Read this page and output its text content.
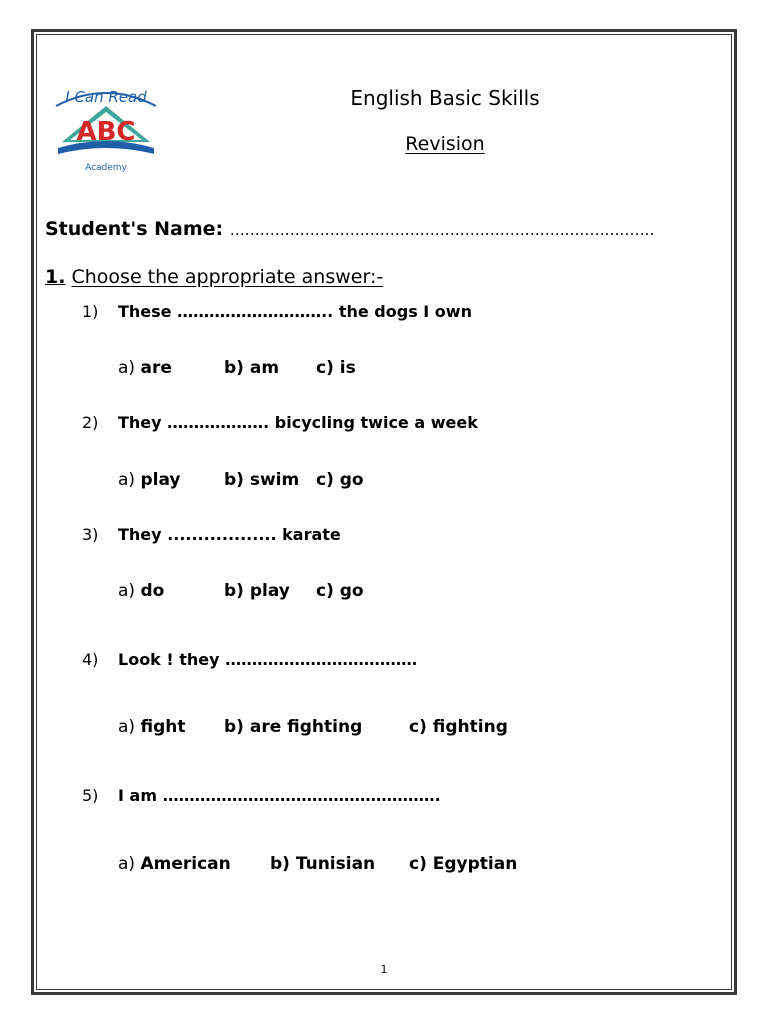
I Can Read
ABC
Academy
English Basic Skills
Revision
Student's Name: ………………………………………………………….………………
1. Choose the appropriate answer:-
1) These ……………………….. the dogs I own
a) are	b) am c) is
2) They ………………. bicycling twice a week
a) play	b) swim c) go
3) They .................. karate
a) do	b) play c) go
4) Look ! they ………………………………
a) fight b) are fighting	c) fighting
5) I am …………………………………………….
a) American b) Tunisian c) Egyptian
1
